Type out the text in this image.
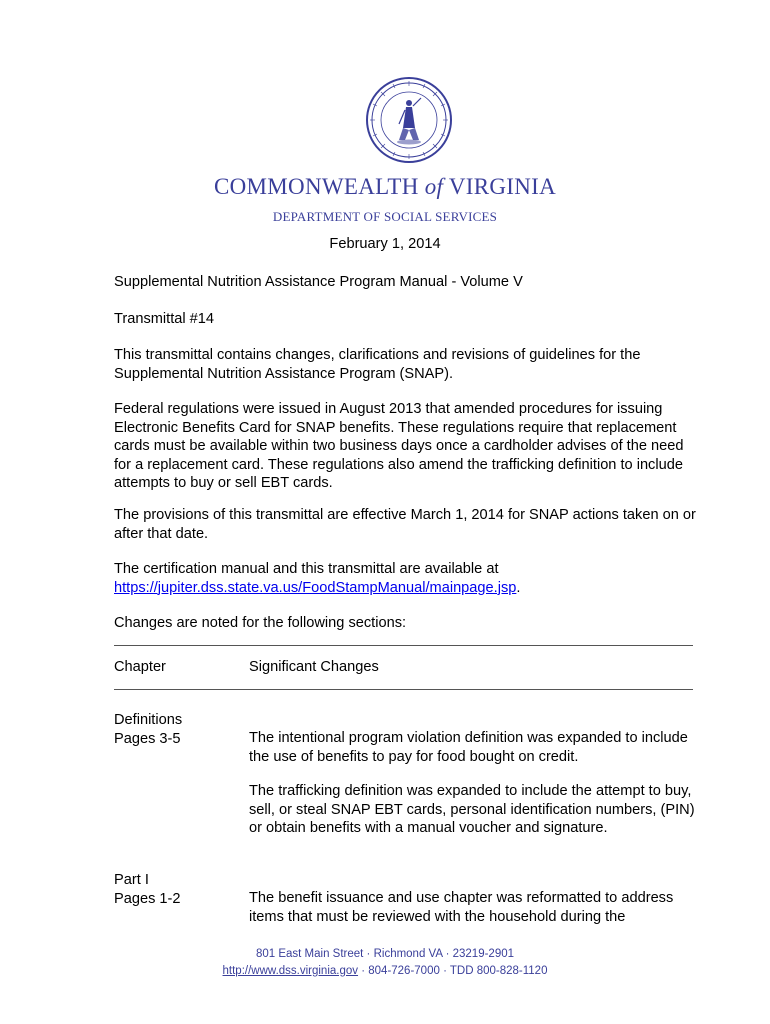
COMMONWEALTH of VIRGINIA
DEPARTMENT OF SOCIAL SERVICES
February 1, 2014
Supplemental Nutrition Assistance Program Manual - Volume V
Transmittal #14
This transmittal contains changes, clarifications and revisions of guidelines for the Supplemental Nutrition Assistance Program (SNAP).
Federal regulations were issued in August 2013 that amended procedures for issuing Electronic Benefits Card for SNAP benefits. These regulations require that replacement cards must be available within two business days once a cardholder advises of the need for a replacement card. These regulations also amend the trafficking definition to include attempts to buy or sell EBT cards.
The provisions of this transmittal are effective March 1, 2014 for SNAP actions taken on or after that date.
The certification manual and this transmittal are available at
https://jupiter.dss.state.va.us/FoodStampManual/mainpage.jsp.
Changes are noted for the following sections:
Chapter	Significant Changes
Definitions
Pages 3-5	The intentional program violation definition was expanded to include the use of benefits to pay for food bought on credit.
The trafficking definition was expanded to include the attempt to buy, sell, or steal SNAP EBT cards, personal identification numbers, (PIN) or obtain benefits with a manual voucher and signature.
Part I
Pages 1-2	The benefit issuance and use chapter was reformatted to address items that must be reviewed with the household during the
801 East Main Street · Richmond VA · 23219-2901
http://www.dss.virginia.gov · 804-726-7000 · TDD 800-828-1120
